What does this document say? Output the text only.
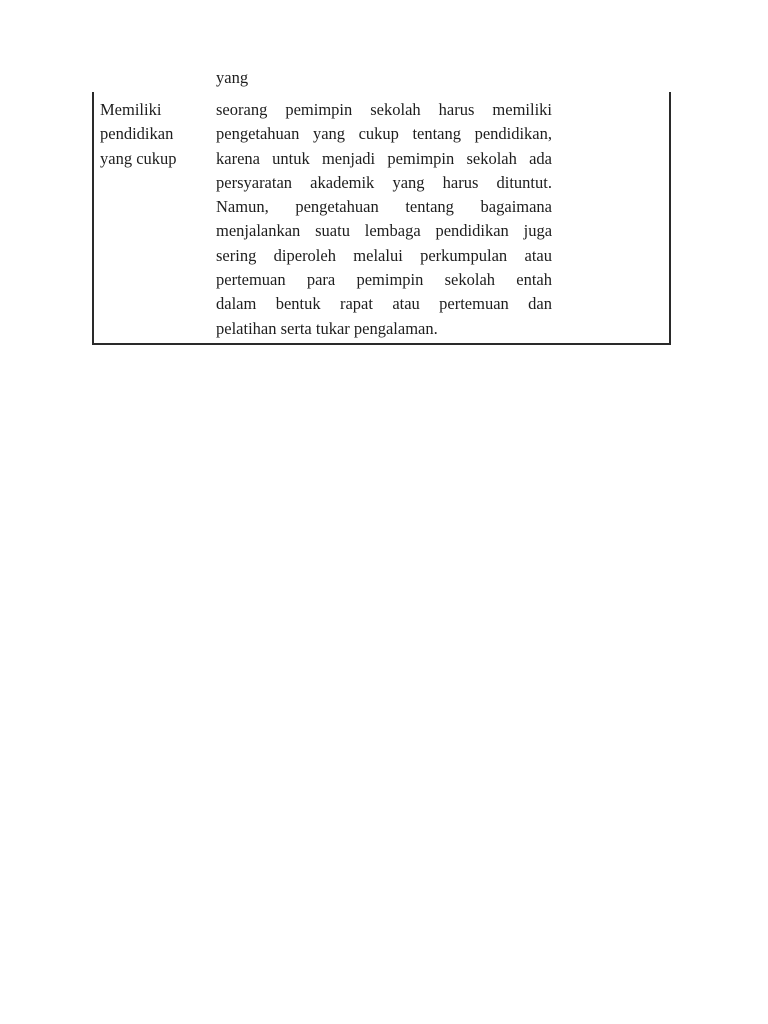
yang
Memiliki
pendidikan
yang cukup
seorang pemimpin sekolah harus memiliki
pengetahuan yang cukup tentang pendidikan,
karena untuk menjadi pemimpin sekolah ada
persyaratan akademik yang harus dituntut.
Namun, pengetahuan tentang bagaimana
menjalankan suatu lembaga pendidikan juga
sering diperoleh melalui perkumpulan atau
pertemuan para pemimpin sekolah entah
dalam bentuk rapat atau pertemuan dan
pelatihan serta tukar pengalaman.
